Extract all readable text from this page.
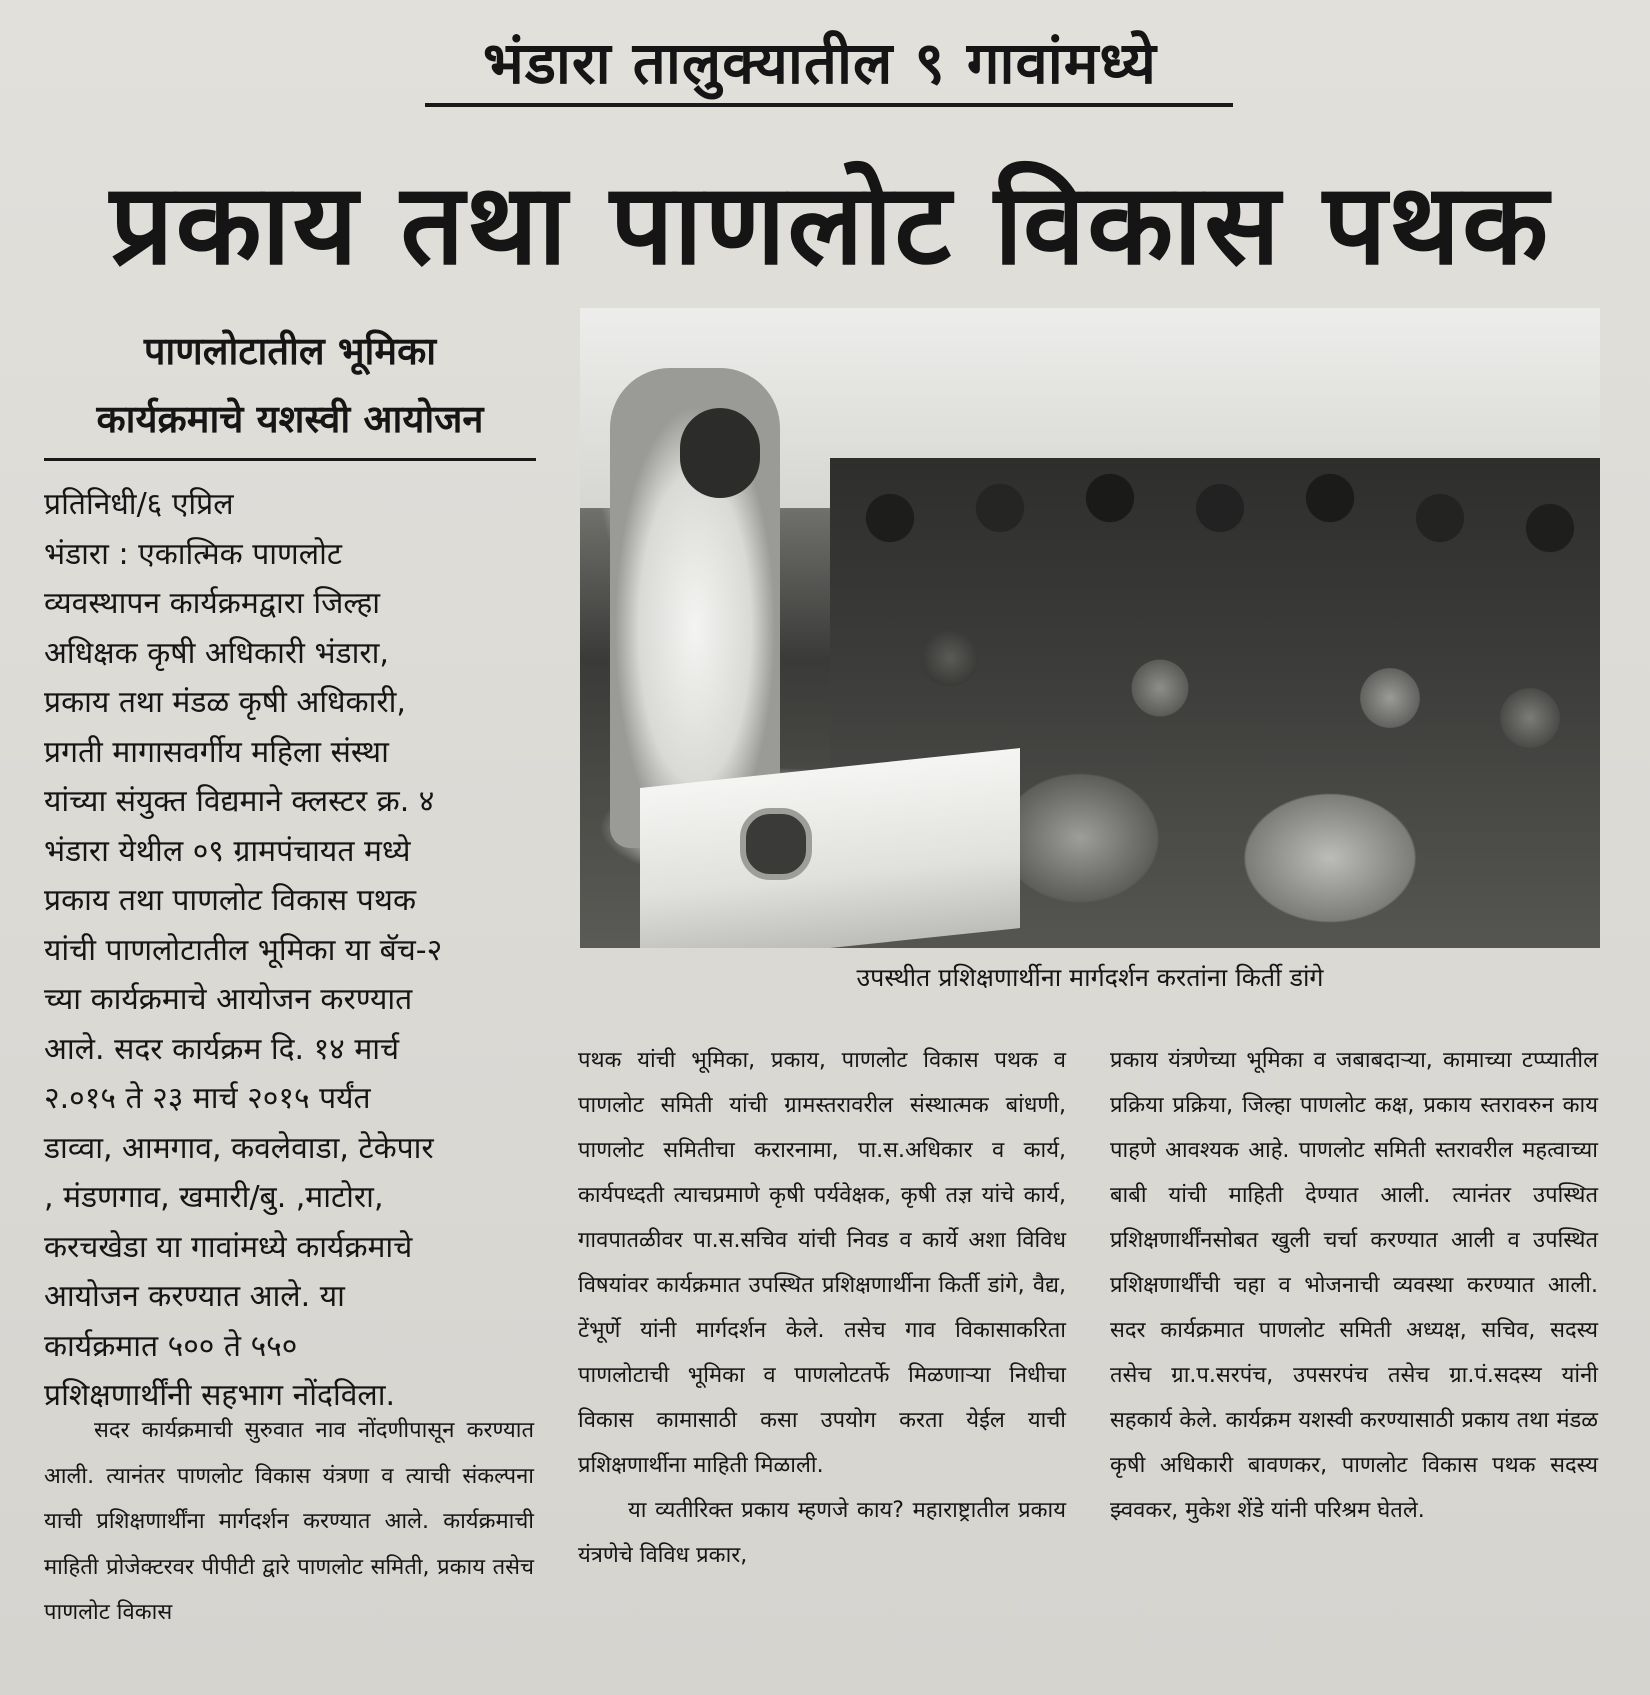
भंडारा तालुक्यातील ९ गावांमध्ये
प्रकाय तथा पाणलोट विकास पथक
पाणलोटातील भूमिका
कार्यक्रमाचे यशस्वी आयोजन

प्रतिनिधी/६ एप्रिल

भंडारा : एकात्मिक पाणलोट

व्यवस्थापन कार्यक्रमद्वारा जिल्हा

अधिक्षक कृषी अधिकारी भंडारा,

प्रकाय तथा मंडळ कृषी अधिकारी,

प्रगती मागासवर्गीय महिला संस्था

यांच्या संयुक्त विद्यमाने क्लस्टर क्र. ४

भंडारा येथील ०९ ग्रामपंचायत मध्ये

प्रकाय तथा पाणलोट विकास पथक

यांची पाणलोटातील भूमिका या बॅच-२

च्या कार्यक्रमाचे आयोजन करण्यात

आले. सदर कार्यक्रम दि. १४ मार्च

२.०१५ ते २३ मार्च २०१५ पर्यंत

डाव्वा, आमगाव, कवलेवाडा, टेकेपार

, मंडणगाव, खमारी/बु. ,माटोरा,

करचखेडा या गावांमध्ये कार्यक्रमाचे

आयोजन करण्यात आले. या

कार्यक्रमात ५०० ते ५५०

प्रशिक्षणार्थींनी सहभाग नोंदविला.

सदर कार्यक्रमाची सुरुवात नाव नोंदणीपासून करण्यात आली. त्यानंतर पाणलोट विकास यंत्रणा व त्याची संकल्पना याची प्रशिक्षणार्थींना मार्गदर्शन करण्यात आले. कार्यक्रमाची माहिती प्रोजेक्टरवर पीपीटी द्वारे पाणलोट समिती, प्रकाय तसेच पाणलोट विकास

उपस्थीत प्रशिक्षणार्थीना मार्गदर्शन करतांना किर्ती डांगे

पथक यांची भूमिका, प्रकाय, पाणलोट विकास पथक व पाणलोट समिती यांची ग्रामस्तरावरील संस्थात्मक बांधणी, पाणलोट समितीचा करारनामा, पा.स.अधिकार व कार्य, कार्यपध्दती त्याचप्रमाणे कृषी पर्यवेक्षक, कृषी तज्ञ यांचे कार्य, गावपातळीवर पा.स.सचिव यांची निवड व कार्ये अशा विविध विषयांवर कार्यक्रमात उपस्थित प्रशिक्षणार्थीना किर्ती डांगे, वैद्य, टेंभूर्णे यांनी मार्गदर्शन केले. तसेच गाव विकासाकरिता पाणलोटाची भूमिका व पाणलोटतर्फे मिळणाऱ्या निधीचा विकास कामासाठी कसा उपयोग करता येईल याची प्रशिक्षणार्थीना माहिती मिळाली.

या व्यतीरिक्त प्रकाय म्हणजे काय? महाराष्ट्रातील प्रकाय यंत्रणेचे विविध प्रकार,

प्रकाय यंत्रणेच्या भूमिका व जबाबदाऱ्या, कामाच्या टप्प्यातील प्रक्रिया प्रक्रिया, जिल्हा पाणलोट कक्ष, प्रकाय स्तरावरुन काय पाहणे आवश्यक आहे. पाणलोट समिती स्तरावरील महत्वाच्या बाबी यांची माहिती देण्यात आली. त्यानंतर उपस्थित प्रशिक्षणार्थींनसोबत खुली चर्चा करण्यात आली व उपस्थित प्रशिक्षणार्थींची चहा व भोजनाची व्यवस्था करण्यात आली. सदर कार्यक्रमात पाणलोट समिती अध्यक्ष, सचिव, सदस्य तसेच ग्रा.प.सरपंच, उपसरपंच तसेच ग्रा.पं.सदस्य यांनी सहकार्य केले. कार्यक्रम यशस्वी करण्यासाठी प्रकाय तथा मंडळ कृषी अधिकारी बावणकर, पाणलोट विकास पथक सदस्य झ्ववकर, मुकेश शेंडे यांनी परिश्रम घेतले.
